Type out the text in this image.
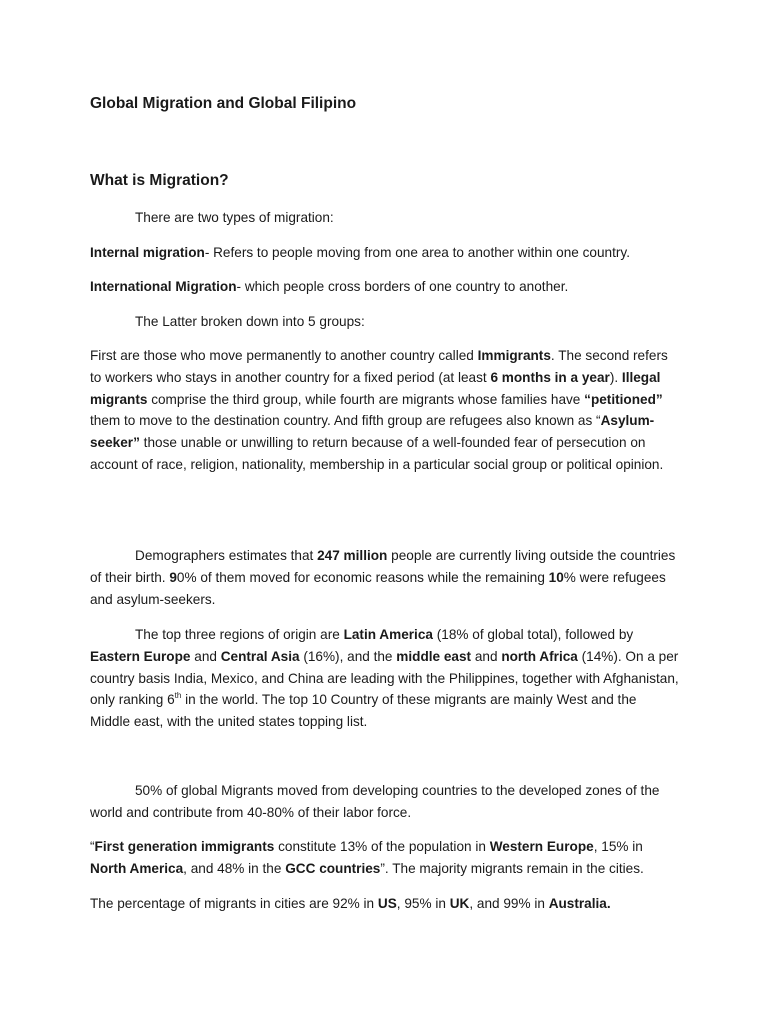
Global Migration and Global Filipino
What is Migration?

There are two types of migration:

Internal migration- Refers to people moving from one area to another within one country.

International Migration- which people cross borders of one country to another.

The Latter broken down into 5 groups:

First are those who move permanently to another country called Immigrants. The second refers to workers who stays in another country for a fixed period (at least 6 months in a year). Illegal migrants comprise the third group, while fourth are migrants whose families have “petitioned” them to move to the destination country. And fifth group are refugees also known as “Asylum-seeker” those unable or unwilling to return because of a well-founded fear of persecution on account of race, religion, nationality, membership in a particular social group or political opinion.

Demographers estimates that 247 million people are currently living outside the countries of their birth. 90% of them moved for economic reasons while the remaining 10% were refugees and asylum-seekers.

The top three regions of origin are Latin America (18% of global total), followed by Eastern Europe and Central Asia (16%), and the middle east and north Africa (14%). On a per country basis India, Mexico, and China are leading with the Philippines, together with Afghanistan, only ranking 6th in the world. The top 10 Country of these migrants are mainly West and the Middle east, with the united states topping list.

50% of global Migrants moved from developing countries to the developed zones of the world and contribute from 40-80% of their labor force.

“First generation immigrants constitute 13% of the population in Western Europe, 15% in North America, and 48% in the GCC countries”. The majority migrants remain in the cities.

The percentage of migrants in cities are 92% in US, 95% in UK, and 99% in Australia.
